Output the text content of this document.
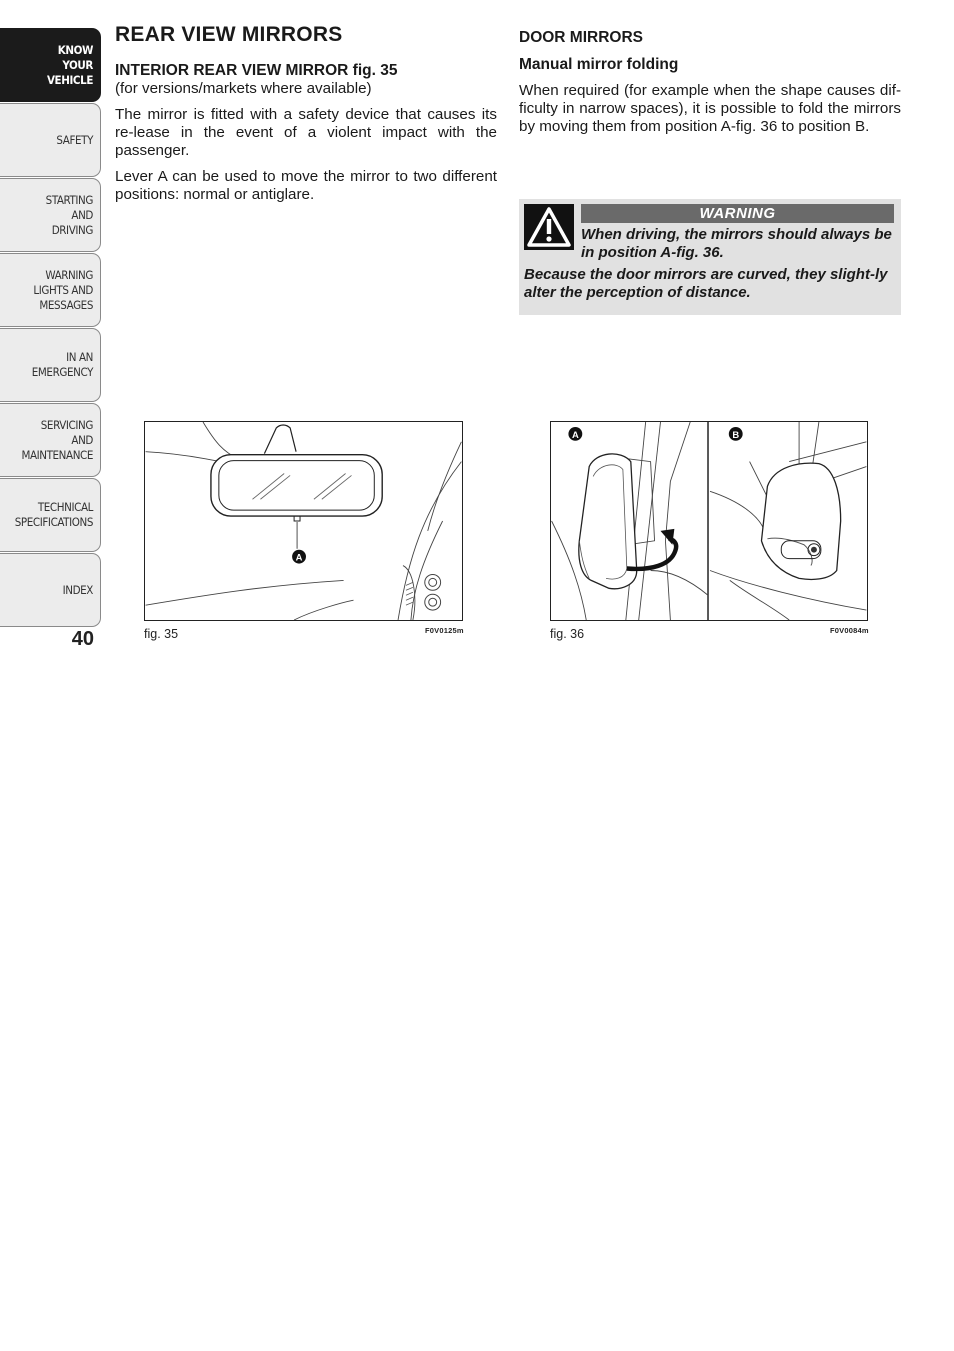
KNOW
YOUR
VEHICLE
SAFETY
STARTING
AND
DRIVING
WARNING
LIGHTS AND
MESSAGES
IN AN
EMERGENCY
SERVICING
AND
MAINTENANCE
TECHNICAL
SPECIFICATIONS
INDEX
40
REAR VIEW MIRRORS
INTERIOR REAR VIEW MIRROR fig. 35
(for versions/markets where available)

The mirror is fitted with a safety device that causes its re-lease in the event of a violent impact with the passenger.

Lever A can be used to move the mirror to two different positions: normal or antiglare.

DOOR MIRRORS
Manual mirror folding

When required (for example when the shape causes dif-ficulty in narrow spaces), it is possible to fold the mirrors by moving them from position A-fig. 36 to position B.

WARNING
When driving, the mirrors should always be in position A-fig. 36.
Because the door mirrors are curved, they slight-ly alter the perception of distance.
A
fig. 35	F0V0125m
A	B
fig. 36	F0V0084m
